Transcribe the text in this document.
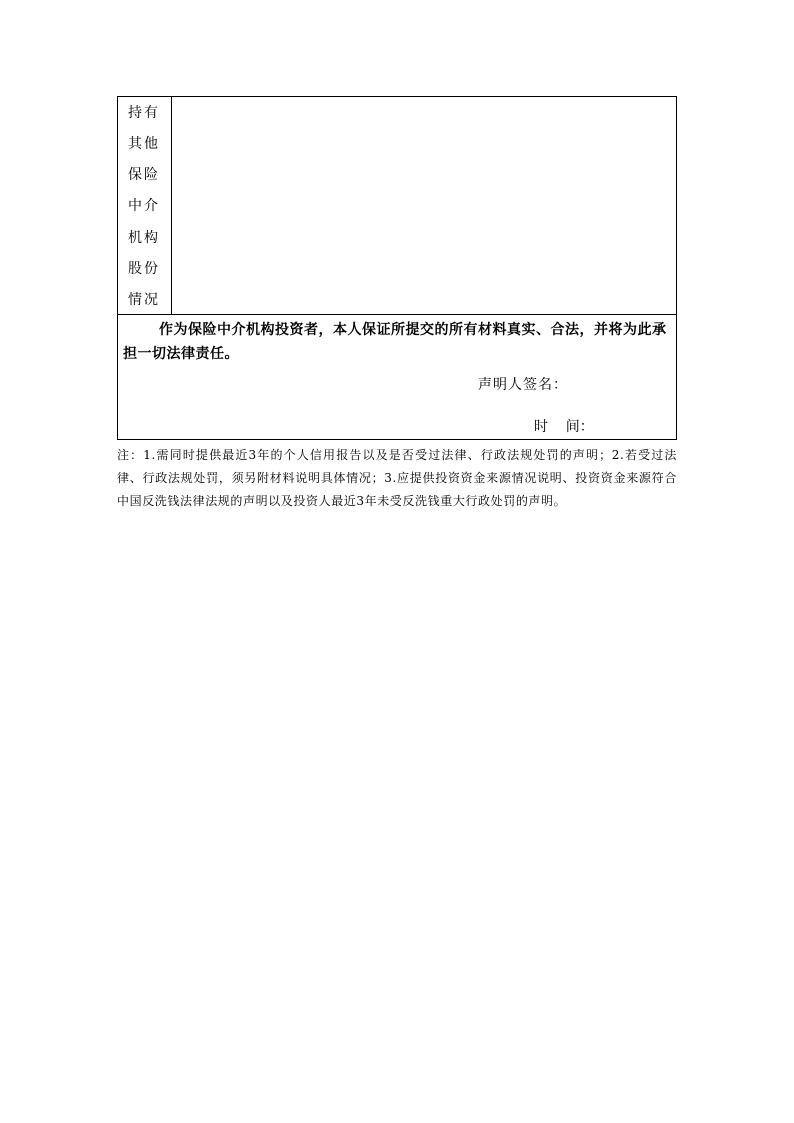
持有
其他
保险
中介
机构
股份
情况
作为保险中介机构投资者，本人保证所提交的所有材料真实、合法，并将为此承担一切法律责任。
声明人签名：
时    间：
注：1.需同时提供最近3年的个人信用报告以及是否受过法律、行政法规处罚的声明；2.若受过法律、行政法规处罚，须另附材料说明具体情况；3.应提供投资资金来源情况说明、投资资金来源符合中国反洗钱法律法规的声明以及投资人最近3年未受反洗钱重大行政处罚的声明。
